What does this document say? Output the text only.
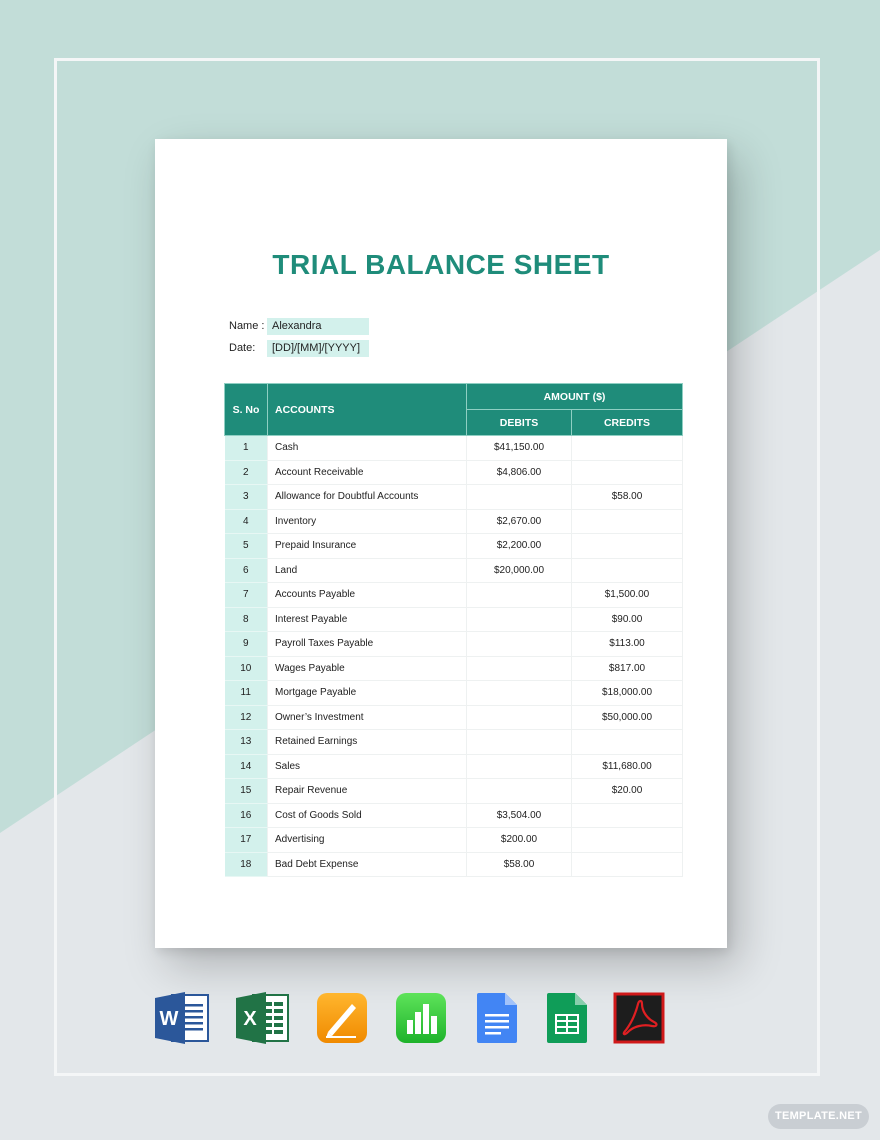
TRIAL BALANCE SHEET
Name : Alexandra
Date:	[DD]/[MM]/[YYYY]
S. No	ACCOUNTS	AMOUNT ($)	
		DEBITS	CREDITS
1	Cash	$41,150.00	
2	Account Receivable	$4,806.00	
3	Allowance for Doubtful Accounts		$58.00
4	Inventory	$2,670.00	
5	Prepaid Insurance	$2,200.00	
6	Land	$20,000.00	
7	Accounts Payable		$1,500.00
8	Interest Payable		$90.00
9	Payroll Taxes Payable		$113.00
10	Wages Payable		$817.00
11	Mortgage Payable		$18,000.00
12	Owner’s Investment		$50,000.00
13	Retained Earnings		
14	Sales		$11,680.00
15	Repair Revenue		$20.00
16	Cost of Goods Sold	$3,504.00	
17	Advertising	$200.00	
18	Bad Debt Expense	$58.00	
W	X
TEMPLATE.NET
